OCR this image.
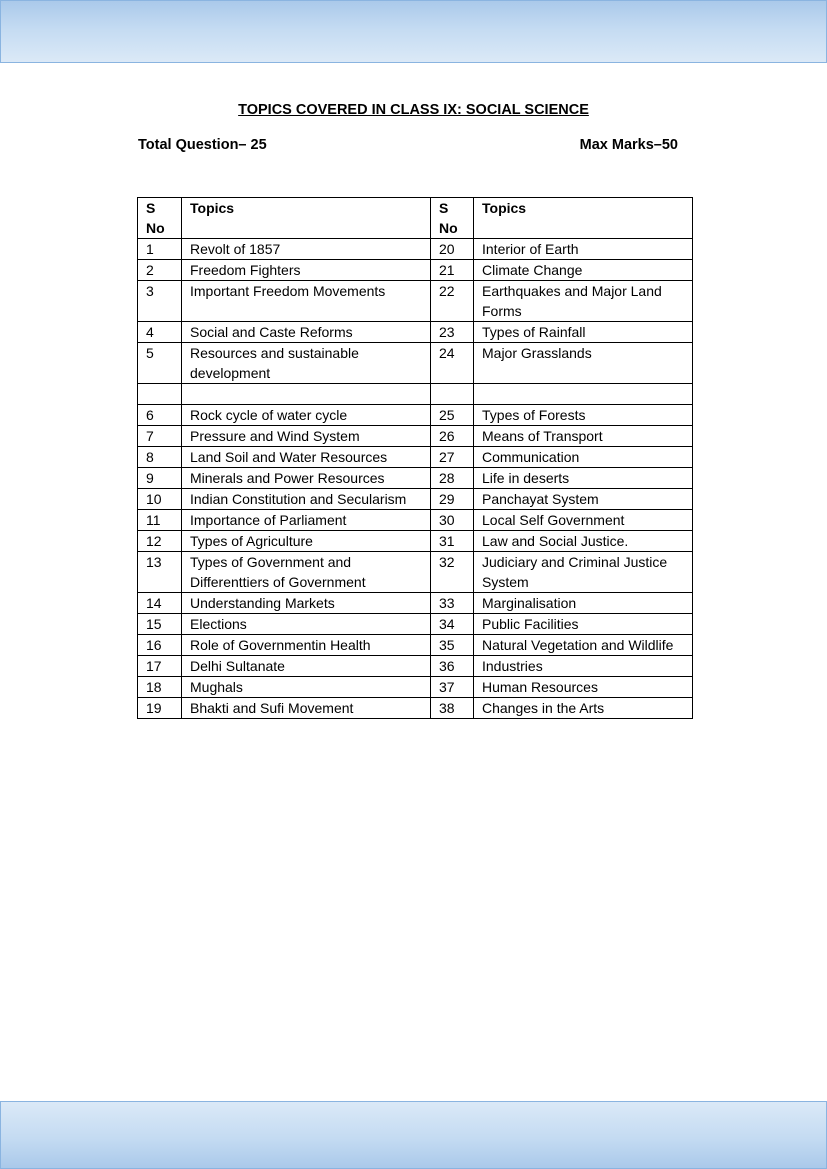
TOPICS COVERED IN CLASS IX: SOCIAL SCIENCE
Total Question– 25	Max Marks–50
S No	Topics	S No	Topics
1	Revolt of 1857	20	Interior of Earth
2	Freedom Fighters	21	Climate Change
3	Important Freedom Movements	22	Earthquakes and Major Land Forms
4	Social and Caste Reforms	23	Types of Rainfall
5	Resources and sustainable development	24	Major Grasslands

6	Rock cycle of water cycle	25	Types of Forests
7	Pressure and Wind System	26	Means of Transport
8	Land Soil and Water Resources	27	Communication
9	Minerals and Power Resources	28	Life in deserts
10	Indian Constitution and Secularism	29	Panchayat System
11	Importance of Parliament	30	Local Self Government
12	Types of Agriculture	31	Law and Social Justice.
13	Types of Government and Differenttiers of Government	32	Judiciary and Criminal Justice System
14	Understanding Markets	33	Marginalisation
15	Elections	34	Public Facilities
16	Role of Governmentin Health	35	Natural Vegetation and Wildlife
17	Delhi Sultanate	36	Industries
18	Mughals	37	Human Resources
19	Bhakti and Sufi Movement	38	Changes in the Arts
